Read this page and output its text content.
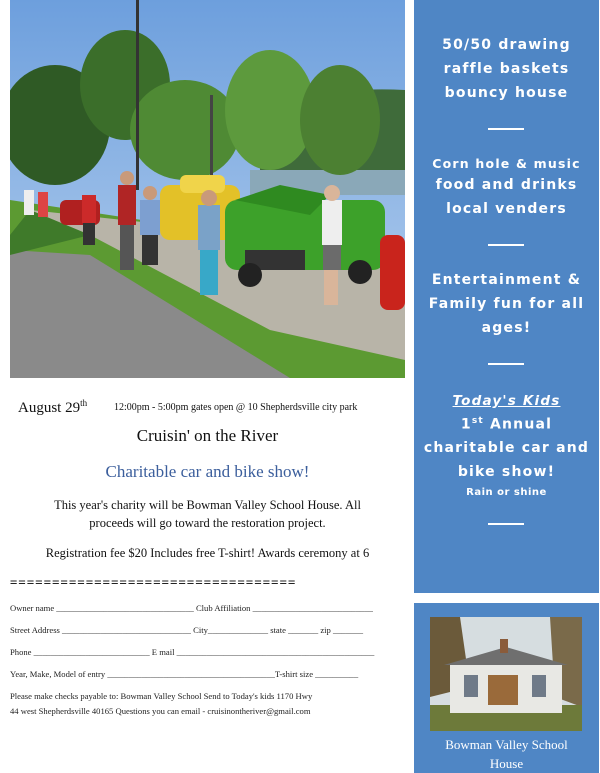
50/50 drawing
raffle baskets
bouncy house
Corn hole & music
food and drinks
local venders
Entertainment &
Family fun for all
ages!
Today's Kids
1st Annual
charitable car and
bike show!
Rain or shine
August 29th	12:00pm - 5:00pm gates open @ 10 Shepherdsville city park
Cruisin' on the River
Charitable car and bike show!
This year's charity will be Bowman Valley School House. All
proceeds will go toward the restoration project.
Registration fee $20 Includes free T-shirt! Awards ceremony at 6
==================================
Owner name ________________________________ Club Affiliation ____________________________
Street Address ______________________________ City______________ state _______ zip _______
Phone ___________________________ E mail ______________________________________________
Year, Make, Model of entry _______________________________________T-shirt size __________
Please make checks payable to: Bowman Valley School Send to Today's kids 1170 Hwy
44 west Shepherdsville 40165 Questions you can email - cruisinontheriver@gmail.com
Bowman Valley School
House
